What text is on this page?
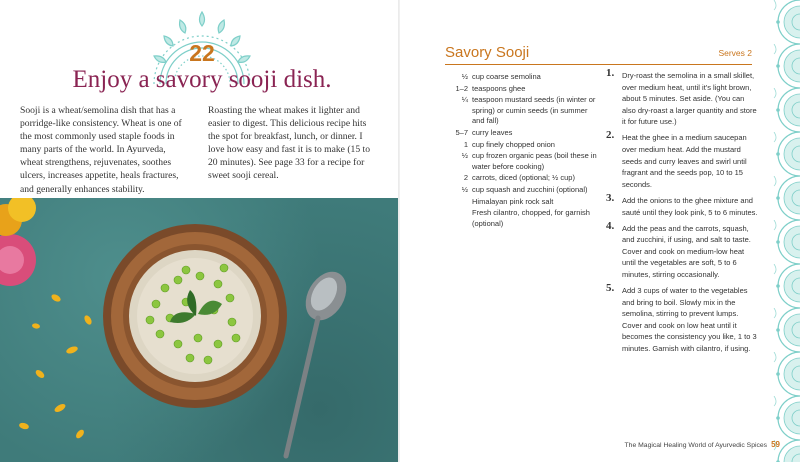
22
Enjoy a savory sooji dish.
Sooji is a wheat/semolina dish that has a porridge-like consistency. Wheat is one of the most commonly used staple foods in many parts of the world. In Ayurveda, wheat strengthens, rejuvenates, soothes ulcers, increases appetite, heals fractures, and generally enhances stability.
Roasting the wheat makes it lighter and easier to digest. This delicious recipe hits the spot for breakfast, lunch, or dinner. I love how easy and fast it is to make (15 to 20 minutes). See page 33 for a recipe for sweet sooji cereal.
Savory Sooji	Serves 2
½ cup coarse semolina
1–2 teaspoons ghee
¼ teaspoon mustard seeds (in winter or spring) or cumin seeds (in summer and fall)
5–7 curry leaves
1 cup finely chopped onion
½ cup frozen organic peas (boil these in water before cooking)
2 carrots, diced (optional; ½ cup)
½ cup squash and zucchini (optional)
Himalayan pink rock salt
Fresh cilantro, chopped, for garnish (optional)
1. Dry-roast the semolina in a small skillet, over medium heat, until it's light brown, about 5 minutes. Set aside. (You can also dry-roast a larger quantity and store it for future use.)
2. Heat the ghee in a medium saucepan over medium heat. Add the mustard seeds and curry leaves and swirl until fragrant and the seeds pop, 10 to 15 seconds.
3. Add the onions to the ghee mixture and sauté until they look pink, 5 to 6 minutes.
4. Add the peas and the carrots, squash, and zucchini, if using, and salt to taste. Cover and cook on medium-low heat until the vegetables are soft, 5 to 6 minutes, stirring occasionally.
5. Add 3 cups of water to the vegetables and bring to boil. Slowly mix in the semolina, stirring to prevent lumps. Cover and cook on low heat until it becomes the consistency you like, 1 to 3 minutes. Garnish with cilantro, if using.
The Magical Healing World of Ayurvedic Spices 59
